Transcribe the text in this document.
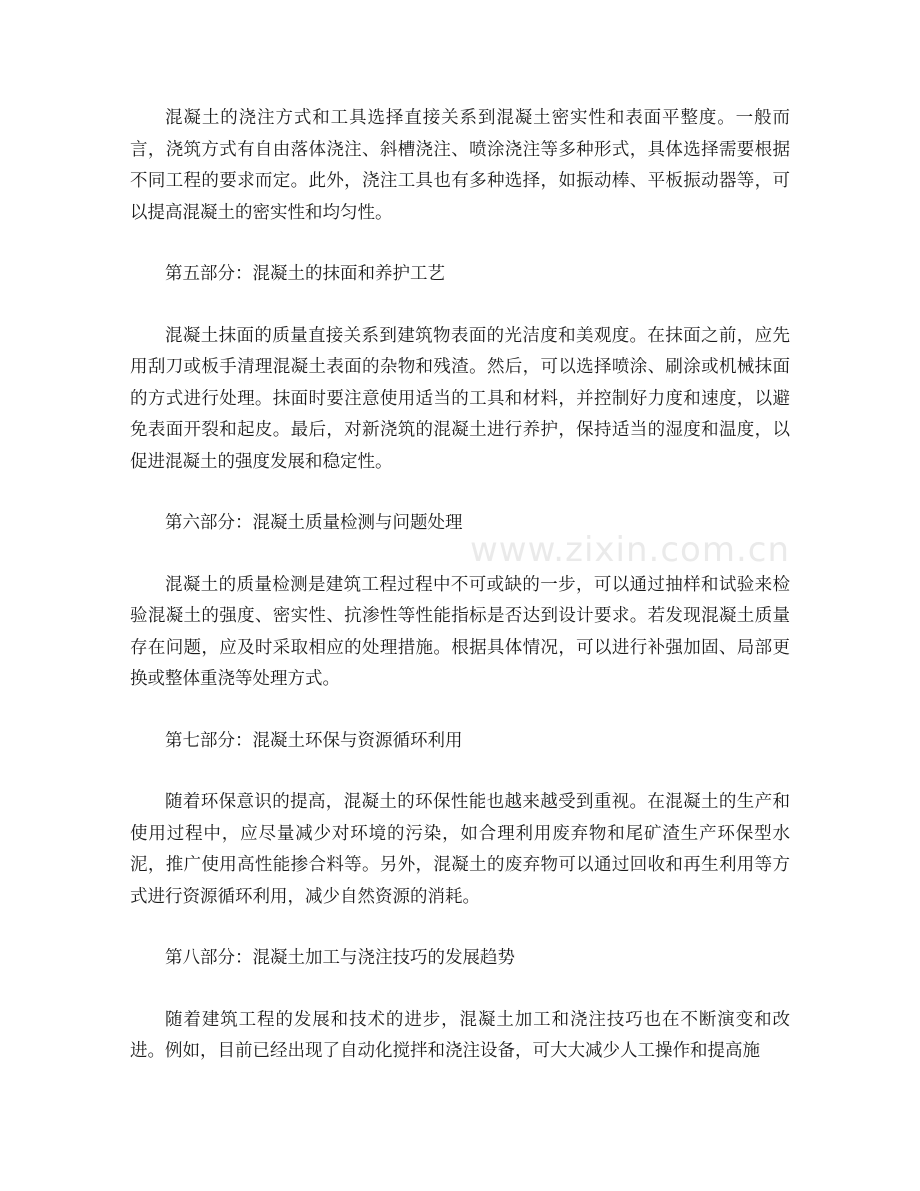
混凝土的浇注方式和工具选择直接关系到混凝土密实性和表面平整度。一般而言，浇筑方式有自由落体浇注、斜槽浇注、喷涂浇注等多种形式，具体选择需要根据不同工程的要求而定。此外，浇注工具也有多种选择，如振动棒、平板振动器等，可以提高混凝土的密实性和均匀性。

第五部分：混凝土的抹面和养护工艺

混凝土抹面的质量直接关系到建筑物表面的光洁度和美观度。在抹面之前，应先用刮刀或板手清理混凝土表面的杂物和残渣。然后，可以选择喷涂、刷涂或机械抹面的方式进行处理。抹面时要注意使用适当的工具和材料，并控制好力度和速度，以避免表面开裂和起皮。最后，对新浇筑的混凝土进行养护，保持适当的湿度和温度，以促进混凝土的强度发展和稳定性。

第六部分：混凝土质量检测与问题处理

混凝土的质量检测是建筑工程过程中不可或缺的一步，可以通过抽样和试验来检验混凝土的强度、密实性、抗渗性等性能指标是否达到设计要求。若发现混凝土质量存在问题，应及时采取相应的处理措施。根据具体情况，可以进行补强加固、局部更换或整体重浇等处理方式。

第七部分：混凝土环保与资源循环利用

随着环保意识的提高，混凝土的环保性能也越来越受到重视。在混凝土的生产和使用过程中，应尽量减少对环境的污染，如合理利用废弃物和尾矿渣生产环保型水泥，推广使用高性能掺合料等。另外，混凝土的废弃物可以通过回收和再生利用等方式进行资源循环利用，减少自然资源的消耗。

第八部分：混凝土加工与浇注技巧的发展趋势

随着建筑工程的发展和技术的进步，混凝土加工和浇注技巧也在不断演变和改进。例如，目前已经出现了自动化搅拌和浇注设备，可大大减少人工操作和提高施

www.zixin.com.cn
